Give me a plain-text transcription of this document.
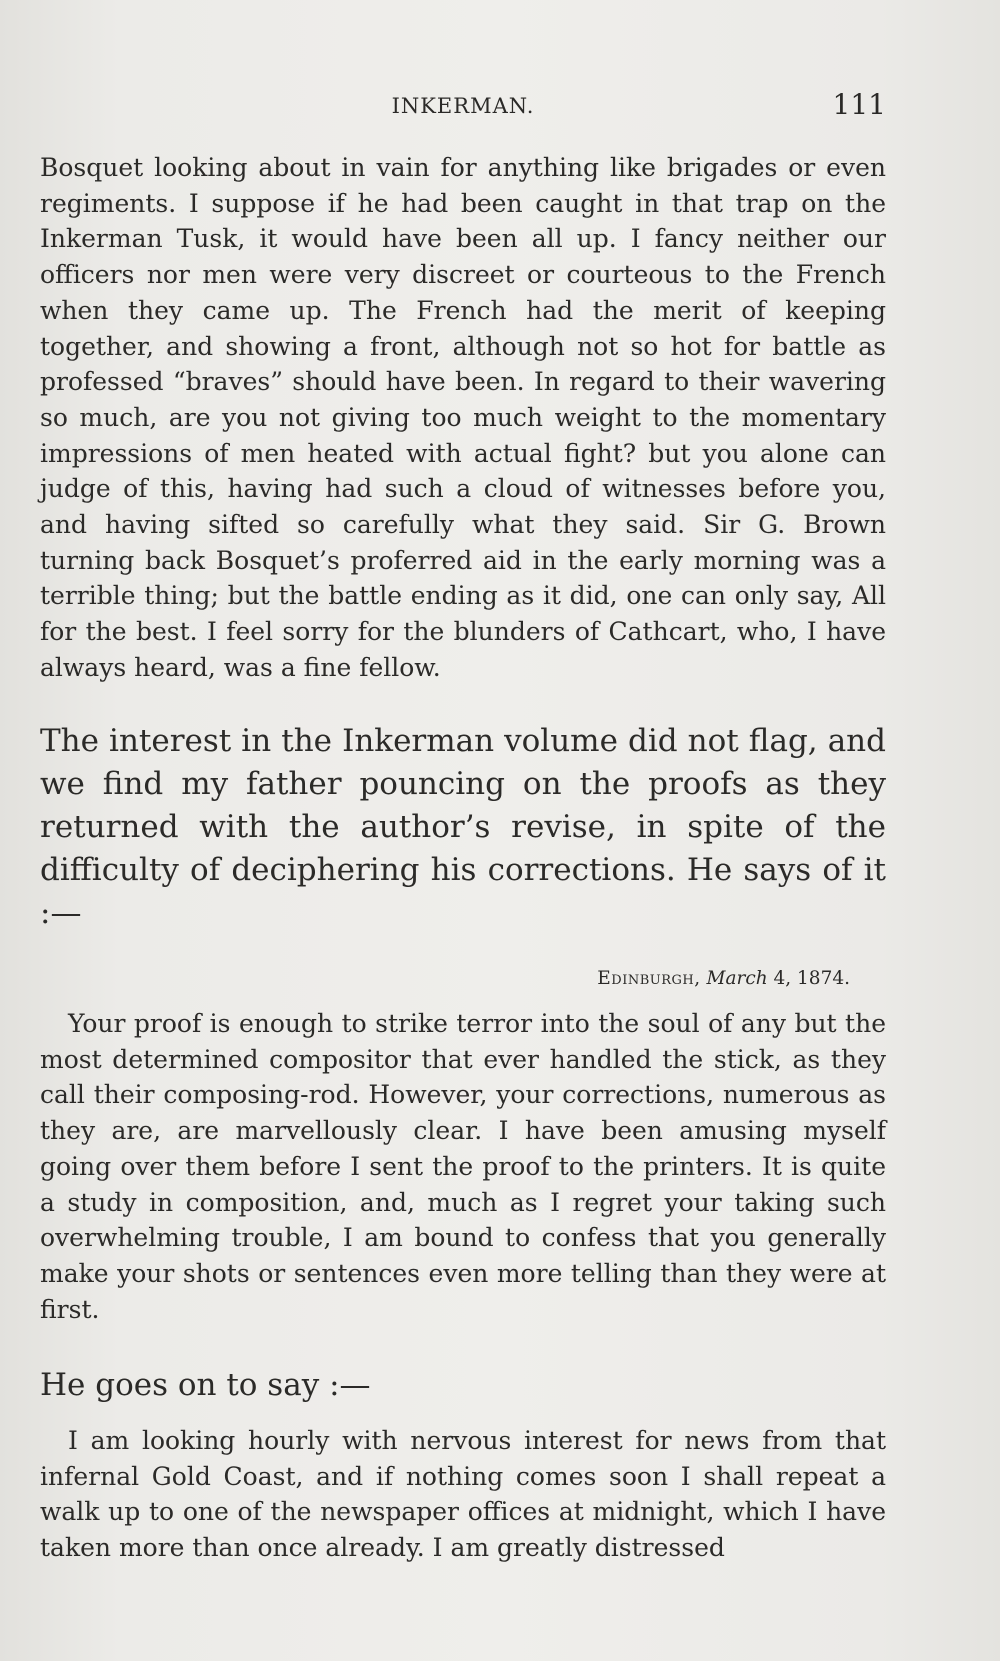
INKERMAN.	111

Bosquet looking about in vain for anything like brigades or even regiments. I suppose if he had been caught in that trap on the Inkerman Tusk, it would have been all up. I fancy neither our officers nor men were very discreet or courteous to the French when they came up. The French had the merit of keeping together, and showing a front, although not so hot for battle as professed “braves” should have been. In regard to their wavering so much, are you not giving too much weight to the momentary impressions of men heated with actual fight? but you alone can judge of this, having had such a cloud of witnesses before you, and having sifted so carefully what they said. Sir G. Brown turning back Bosquet’s proferred aid in the early morning was a terrible thing; but the battle ending as it did, one can only say, All for the best. I feel sorry for the blunders of Cathcart, who, I have always heard, was a fine fellow.

The interest in the Inkerman volume did not flag, and we find my father pouncing on the proofs as they returned with the author’s revise, in spite of the difficulty of deciphering his corrections. He says of it :—

Edinburgh, March 4, 1874.

Your proof is enough to strike terror into the soul of any but the most determined compositor that ever handled the stick, as they call their composing-rod. However, your corrections, numerous as they are, are marvellously clear. I have been amusing myself going over them before I sent the proof to the printers. It is quite a study in composition, and, much as I regret your taking such overwhelming trouble, I am bound to confess that you generally make your shots or sentences even more telling than they were at first.

He goes on to say :—

I am looking hourly with nervous interest for news from that infernal Gold Coast, and if nothing comes soon I shall repeat a walk up to one of the newspaper offices at midnight, which I have taken more than once already. I am greatly distressed
